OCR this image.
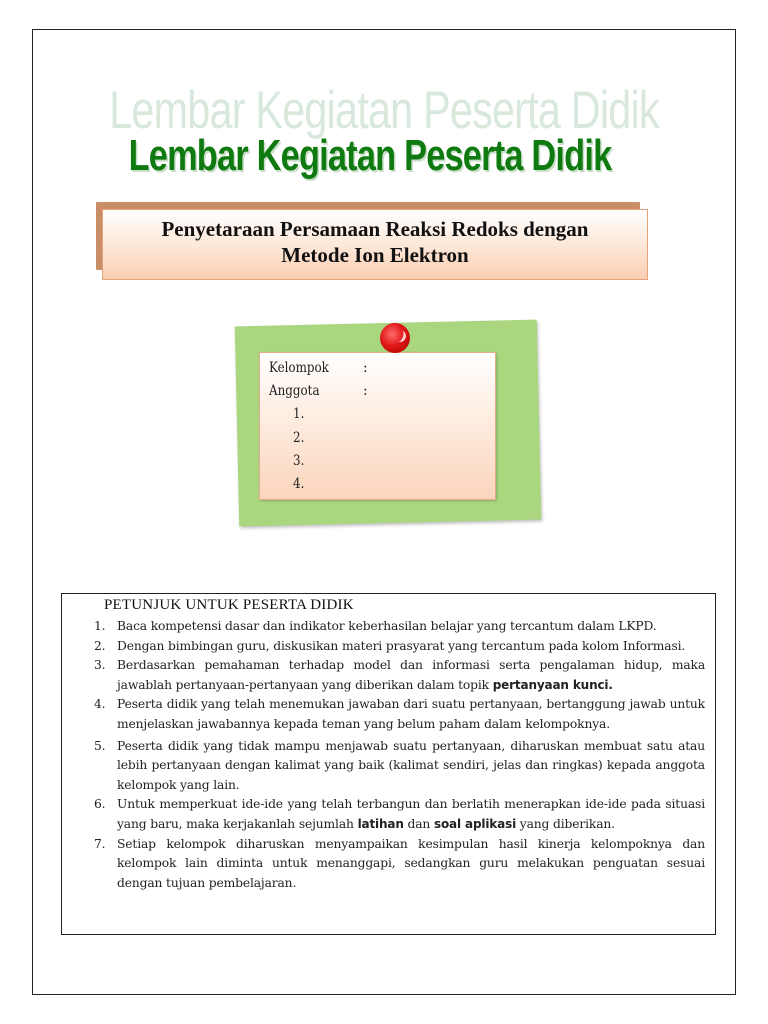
Lembar Kegiatan Peserta Didik
Lembar Kegiatan Peserta Didik
Penyetaraan Persamaan Reaksi Redoks dengan
Metode Ion Elektron
Kelompok :
Anggota	:
1.
2.
3.
4.
PETUNJUK UNTUK PESERTA DIDIK
1. Baca kompetensi dasar dan indikator keberhasilan belajar yang tercantum dalam LKPD.
2. Dengan bimbingan guru, diskusikan materi prasyarat yang tercantum pada kolom Informasi.
3. Berdasarkan pemahaman terhadap model dan informasi serta pengalaman hidup, maka jawablah pertanyaan-pertanyaan yang diberikan dalam topik pertanyaan kunci.
4. Peserta didik yang telah menemukan jawaban dari suatu pertanyaan, bertanggung jawab untuk menjelaskan jawabannya kepada teman yang belum paham dalam kelompoknya.
5. Peserta didik yang tidak mampu menjawab suatu pertanyaan, diharuskan membuat satu atau lebih pertanyaan dengan kalimat yang baik (kalimat sendiri, jelas dan ringkas) kepada anggota kelompok yang lain.
6. Untuk memperkuat ide-ide yang telah terbangun dan berlatih menerapkan ide-ide pada situasi yang baru, maka kerjakanlah sejumlah latihan dan soal aplikasi yang diberikan.
7. Setiap kelompok diharuskan menyampaikan kesimpulan hasil kinerja kelompoknya dan kelompok lain diminta untuk menanggapi, sedangkan guru melakukan penguatan sesuai dengan tujuan pembelajaran.
